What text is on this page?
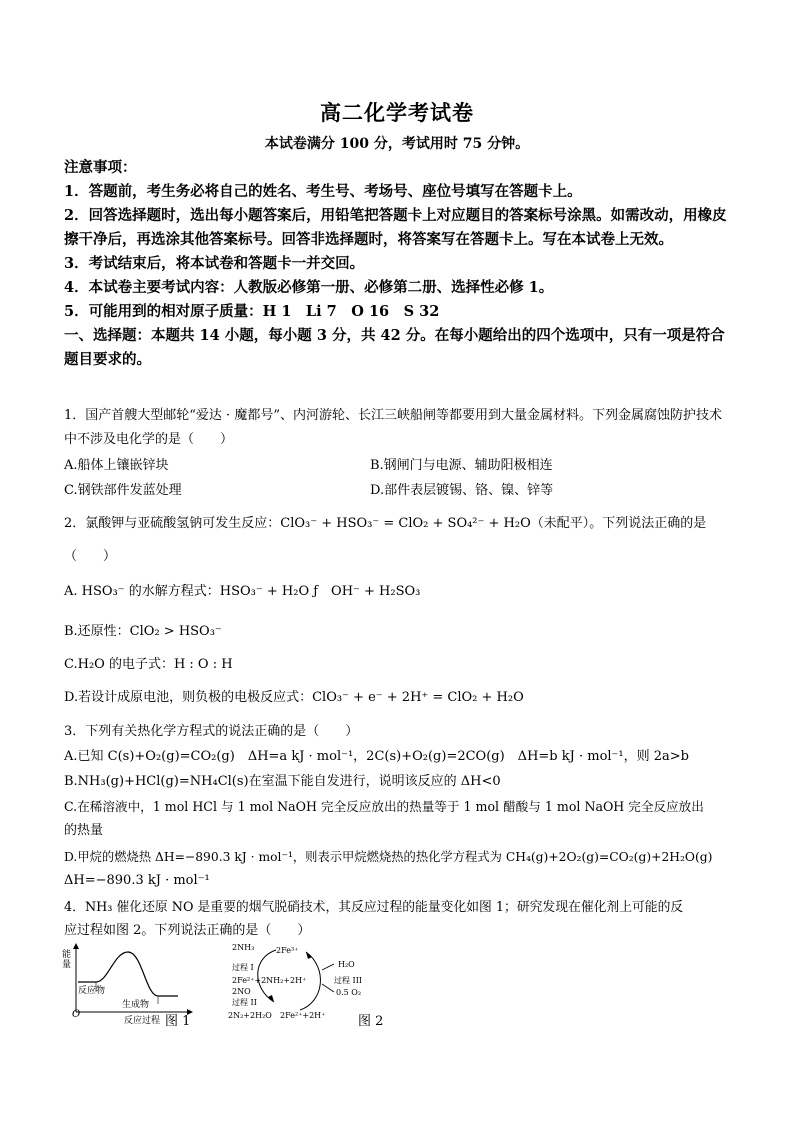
高二化学考试卷
本试卷满分 100 分，考试用时 75 分钟。
注意事项：
1．答题前，考生务必将自己的姓名、考生号、考场号、座位号填写在答题卡上。
2．回答选择题时，选出每小题答案后，用铅笔把答题卡上对应题目的答案标号涂黑。如需改动，用橡皮擦干净后，再选涂其他答案标号。回答非选择题时，将答案写在答题卡上。写在本试卷上无效。
3．考试结束后，将本试卷和答题卡一并交回。
4．本试卷主要考试内容：人教版必修第一册、必修第二册、选择性必修 1。
5．可能用到的相对原子质量：H 1　Li 7　O 16　S 32
一、选择题：本题共 14 小题，每小题 3 分，共 42 分。在每小题给出的四个选项中，只有一项是符合题目要求的。
1．国产首艘大型邮轮“爱达 · 魔都号”、内河游轮、长江三峡船闸等都要用到大量金属材料。下列金属腐蚀防护技术中不涉及电化学的是（　　）
A.船体上镶嵌锌块	B.钢闸门与电源、辅助阳极相连
C.钢铁部件发蓝处理	D.部件表层镀锡、铬、镍、锌等
2．氯酸钾与亚硫酸氢钠可发生反应：ClO₃⁻ + HSO₃⁻ = ClO₂ + SO₄²⁻ + H₂O（未配平）。下列说法正确的是
（　　）
A. HSO₃⁻ 的水解方程式：HSO₃⁻ + H₂O ƒ　OH⁻ + H₂SO₃
B.还原性：ClO₂ > HSO₃⁻
C.H₂O 的电子式：H : O : H
D.若设计成原电池，则负极的电极反应式：ClO₃⁻ + e⁻ + 2H⁺ = ClO₂ + H₂O
3．下列有关热化学方程式的说法正确的是（　　）
A.已知 C(s)+O₂(g)=CO₂(g)　ΔH=a kJ · mol⁻¹，2C(s)+O₂(g)=2CO(g)　ΔH=b kJ · mol⁻¹，则 2a>b
B.NH₃(g)+HCl(g)=NH₄Cl(s)在室温下能自发进行，说明该反应的 ΔH<0
C.在稀溶液中，1 mol HCl 与 1 mol NaOH 完全反应放出的热量等于 1 mol 醋酸与 1 mol NaOH 完全反应放出
的热量
D.甲烷的燃烧热 ΔH=−890.3 kJ · mol⁻¹，则表示甲烷燃烧热的热化学方程式为 CH₄(g)+2O₂(g)=CO₂(g)+2H₂O(g)
ΔH=−890.3 kJ · mol⁻¹
4．NH₃ 催化还原 NO 是重要的烟气脱硝技术，其反应过程的能量变化如图 1；研究发现在催化剂上可能的反
应过程如图 2。下列说法正确的是（　　）
能量
反应物
生成物
O
反应过程 图 1
2NH₃	2Fe³⁺
过程 I
2Fe²⁺+2NH₂+2H⁺
2NO
过程 II
2N₂+2H₂O 2Fe²⁺+2H⁺
H₂O
过程 III
0.5 O₂
图 2
